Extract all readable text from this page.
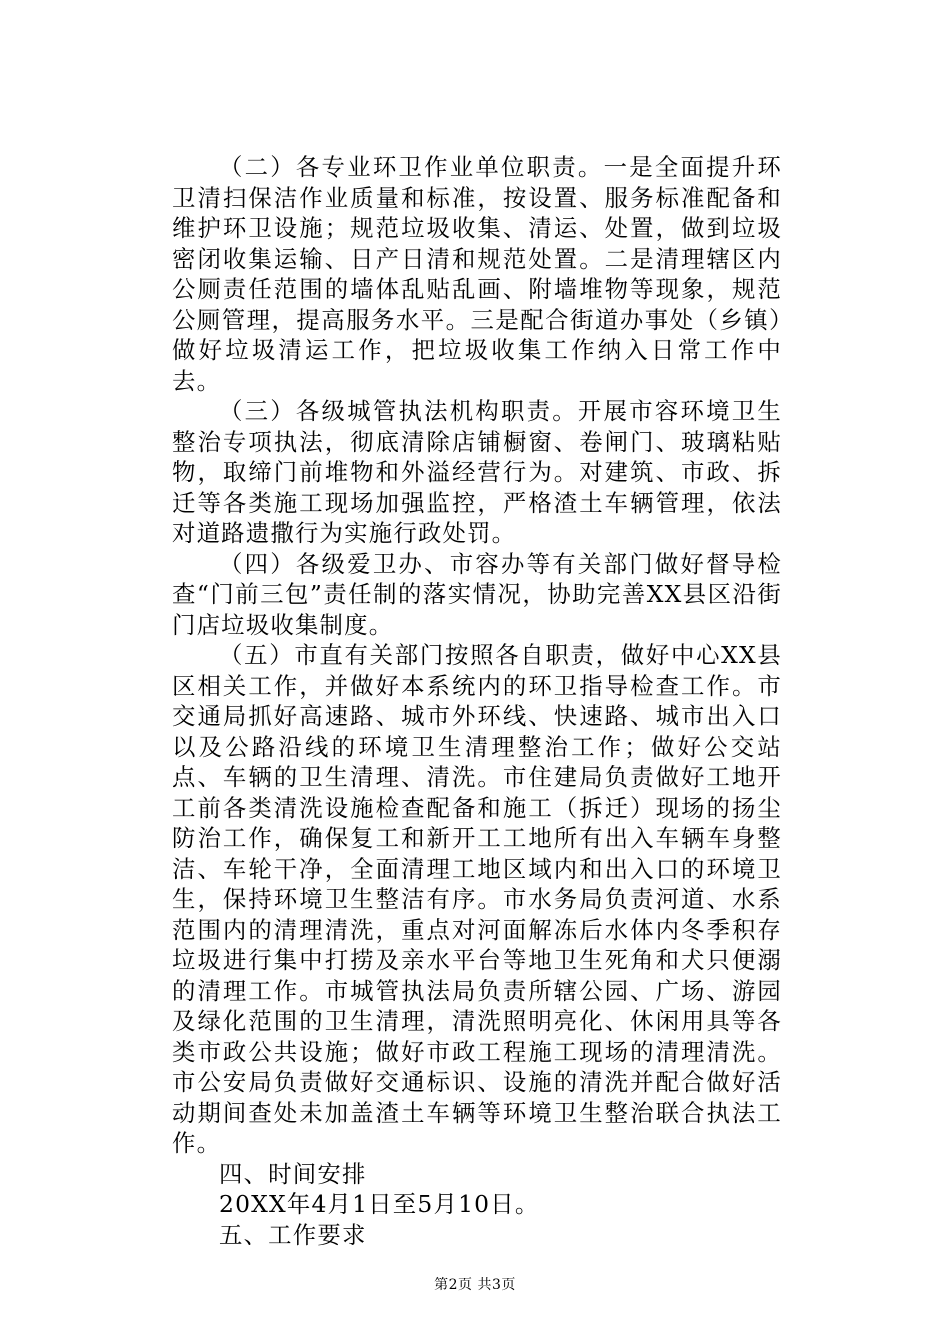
（二）各专业环卫作业单位职责。一是全面提升环卫清扫保洁作业质量和标准，按设置、服务标准配备和维护环卫设施；规范垃圾收集、清运、处置，做到垃圾密闭收集运输、日产日清和规范处置。二是清理辖区内公厕责任范围的墙体乱贴乱画、附墙堆物等现象，规范公厕管理，提高服务水平。三是配合街道办事处（乡镇）做好垃圾清运工作，把垃圾收集工作纳入日常工作中去。

（三）各级城管执法机构职责。开展市容环境卫生整治专项执法，彻底清除店铺橱窗、卷闸门、玻璃粘贴物，取缔门前堆物和外溢经营行为。对建筑、市政、拆迁等各类施工现场加强监控，严格渣土车辆管理，依法对道路遗撒行为实施行政处罚。

（四）各级爱卫办、市容办等有关部门做好督导检查“门前三包”责任制的落实情况，协助完善XX县区沿街门店垃圾收集制度。

（五）市直有关部门按照各自职责，做好中心XX县区相关工作，并做好本系统内的环卫指导检查工作。市交通局抓好高速路、城市外环线、快速路、城市出入口以及公路沿线的环境卫生清理整治工作；做好公交站点、车辆的卫生清理、清洗。市住建局负责做好工地开工前各类清洗设施检查配备和施工（拆迁）现场的扬尘防治工作，确保复工和新开工工地所有出入车辆车身整洁、车轮干净，全面清理工地区域内和出入口的环境卫生，保持环境卫生整洁有序。市水务局负责河道、水系范围内的清理清洗，重点对河面解冻后水体内冬季积存垃圾进行集中打捞及亲水平台等地卫生死角和犬只便溺的清理工作。市城管执法局负责所辖公园、广场、游园及绿化范围的卫生清理，清洗照明亮化、休闲用具等各类市政公共设施；做好市政工程施工现场的清理清洗。市公安局负责做好交通标识、设施的清洗并配合做好活动期间查处未加盖渣土车辆等环境卫生整治联合执法工作。

四、时间安排

20XX年4月1日至5月10日。

五、工作要求

第2页 共3页
